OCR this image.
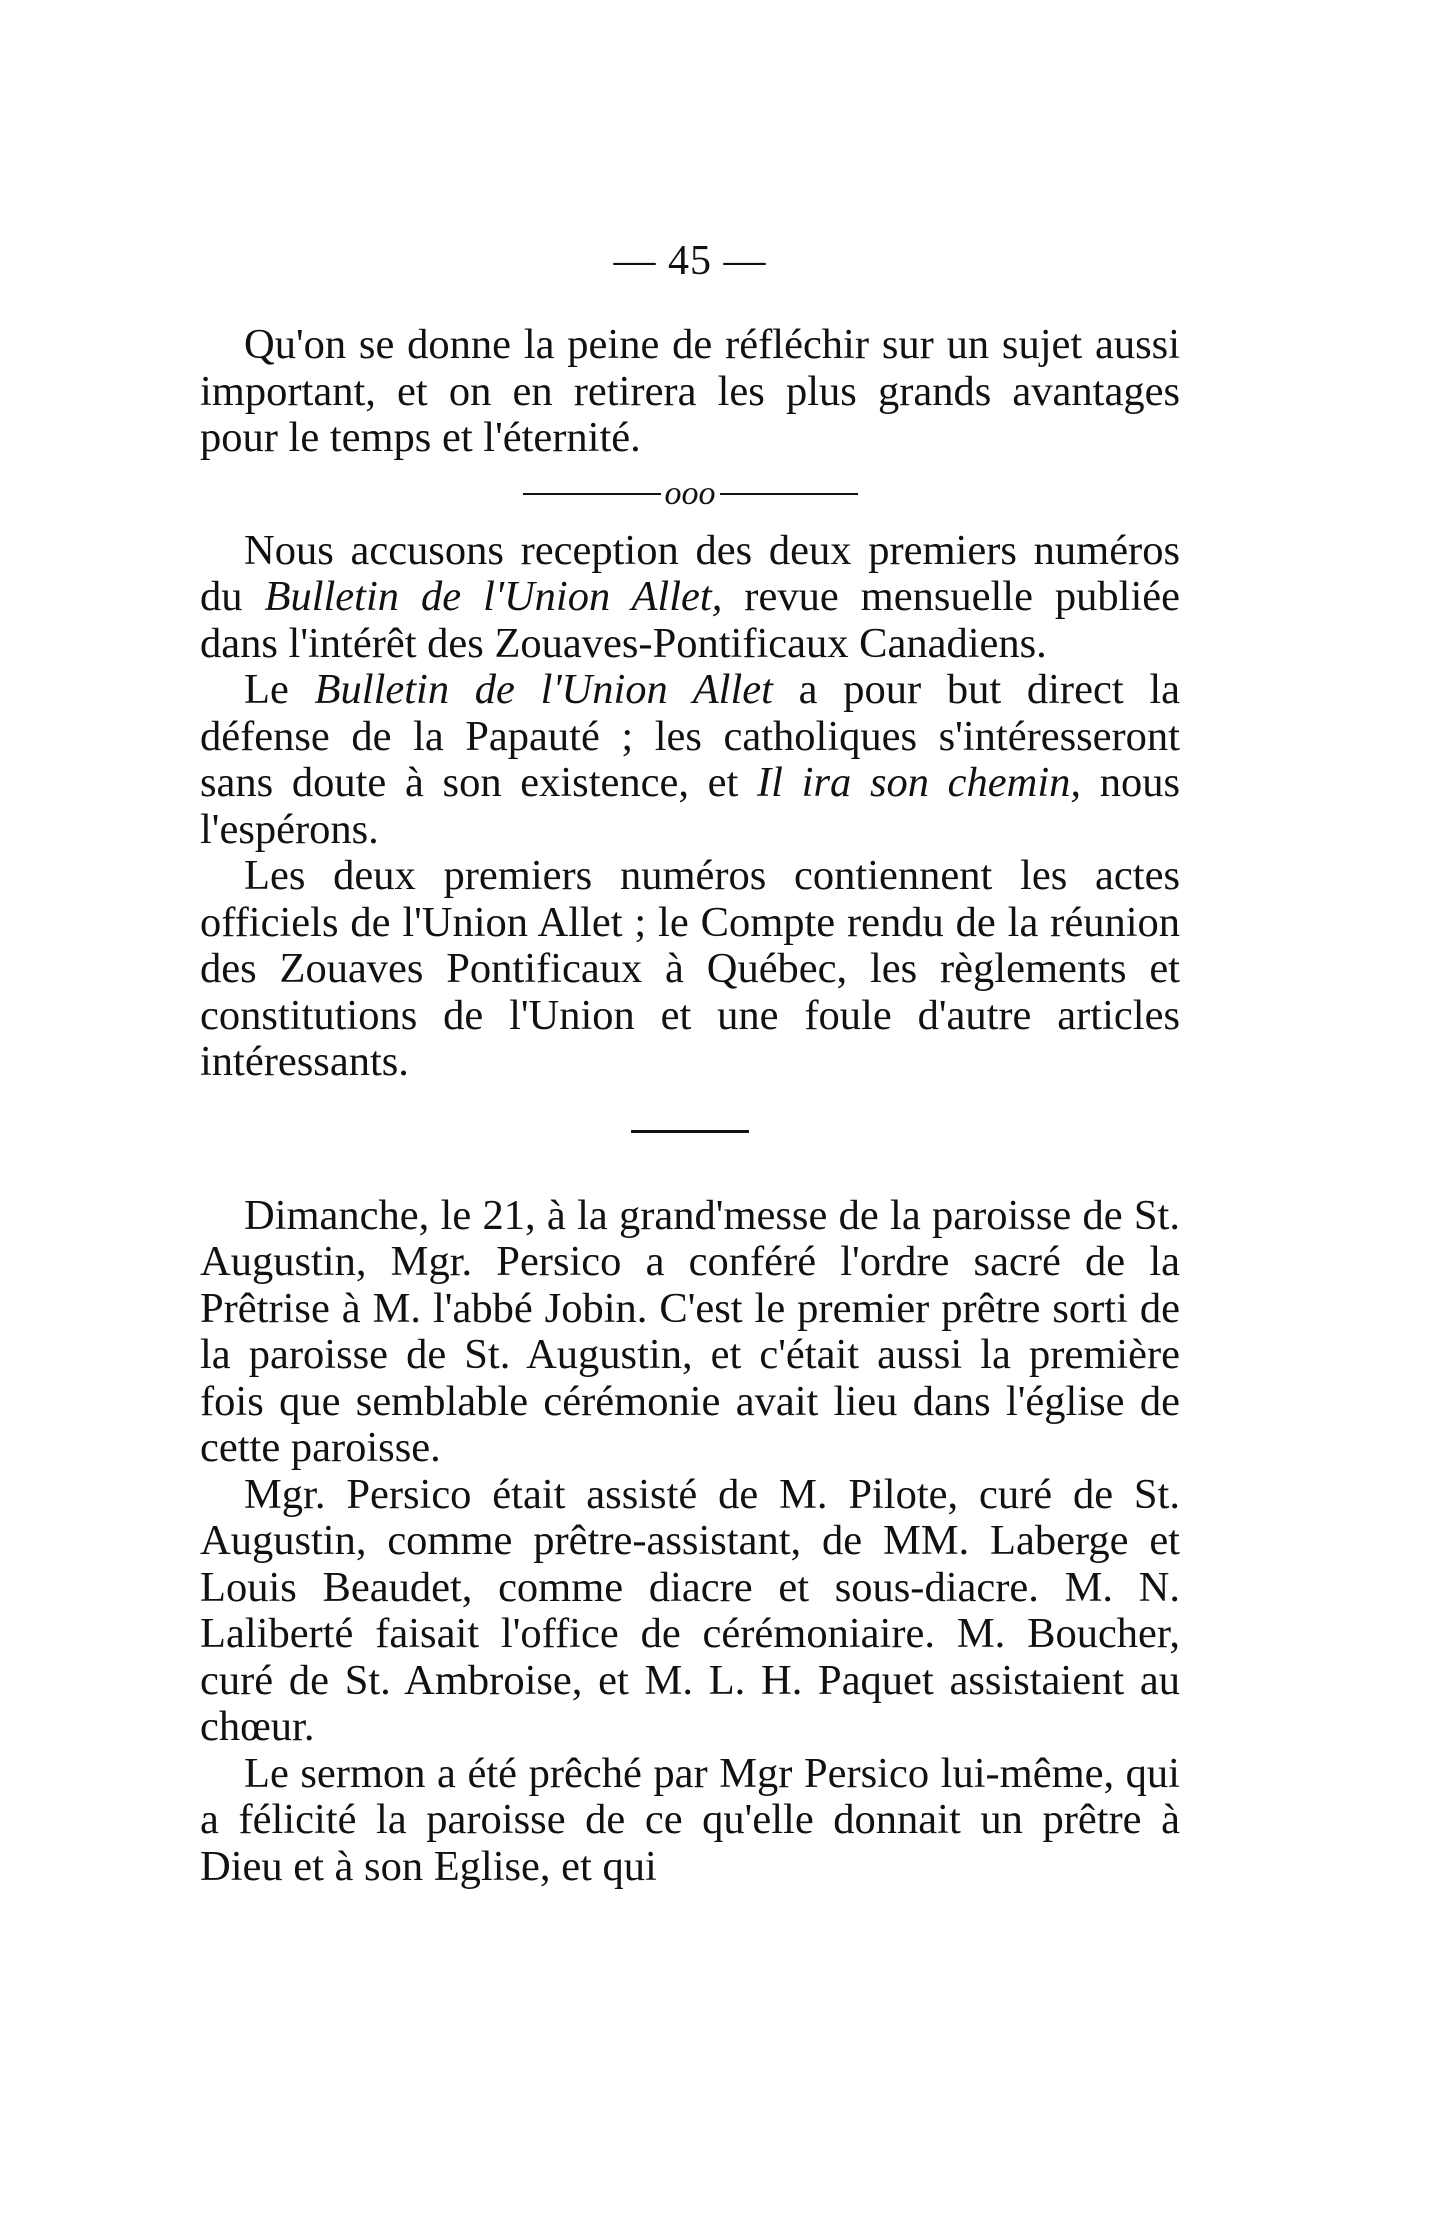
— 45 —

Qu'on se donne la peine de réfléchir sur un sujet aussi important, et on en retirera les plus grands avantages pour le temps et l'éternité.

ooo

Nous accusons reception des deux premiers numéros du Bulletin de l'Union Allet, revue mensuelle publiée dans l'intérêt des Zouaves-Pontificaux Canadiens.

Le Bulletin de l'Union Allet a pour but direct la défense de la Papauté ; les catholiques s'intéresseront sans doute à son existence, et Il ira son chemin, nous l'espérons.

Les deux premiers numéros contiennent les actes officiels de l'Union Allet ; le Compte rendu de la réunion des Zouaves Pontificaux à Québec, les règlements et constitutions de l'Union et une foule d'autre articles intéressants.

Dimanche, le 21, à la grand'messe de la paroisse de St. Augustin, Mgr. Persico a conféré l'ordre sacré de la Prêtrise à M. l'abbé Jobin. C'est le premier prêtre sorti de la paroisse de St. Augustin, et c'était aussi la première fois que semblable cérémonie avait lieu dans l'église de cette paroisse.

Mgr. Persico était assisté de M. Pilote, curé de St. Augustin, comme prêtre-assistant, de MM. Laberge et Louis Beaudet, comme diacre et sous-diacre. M. N. Laliberté faisait l'office de cérémoniaire. M. Boucher, curé de St. Ambroise, et M. L. H. Paquet assistaient au chœur.

Le sermon a été prêché par Mgr Persico lui-même, qui a félicité la paroisse de ce qu'elle donnait un prêtre à Dieu et à son Eglise, et qui
